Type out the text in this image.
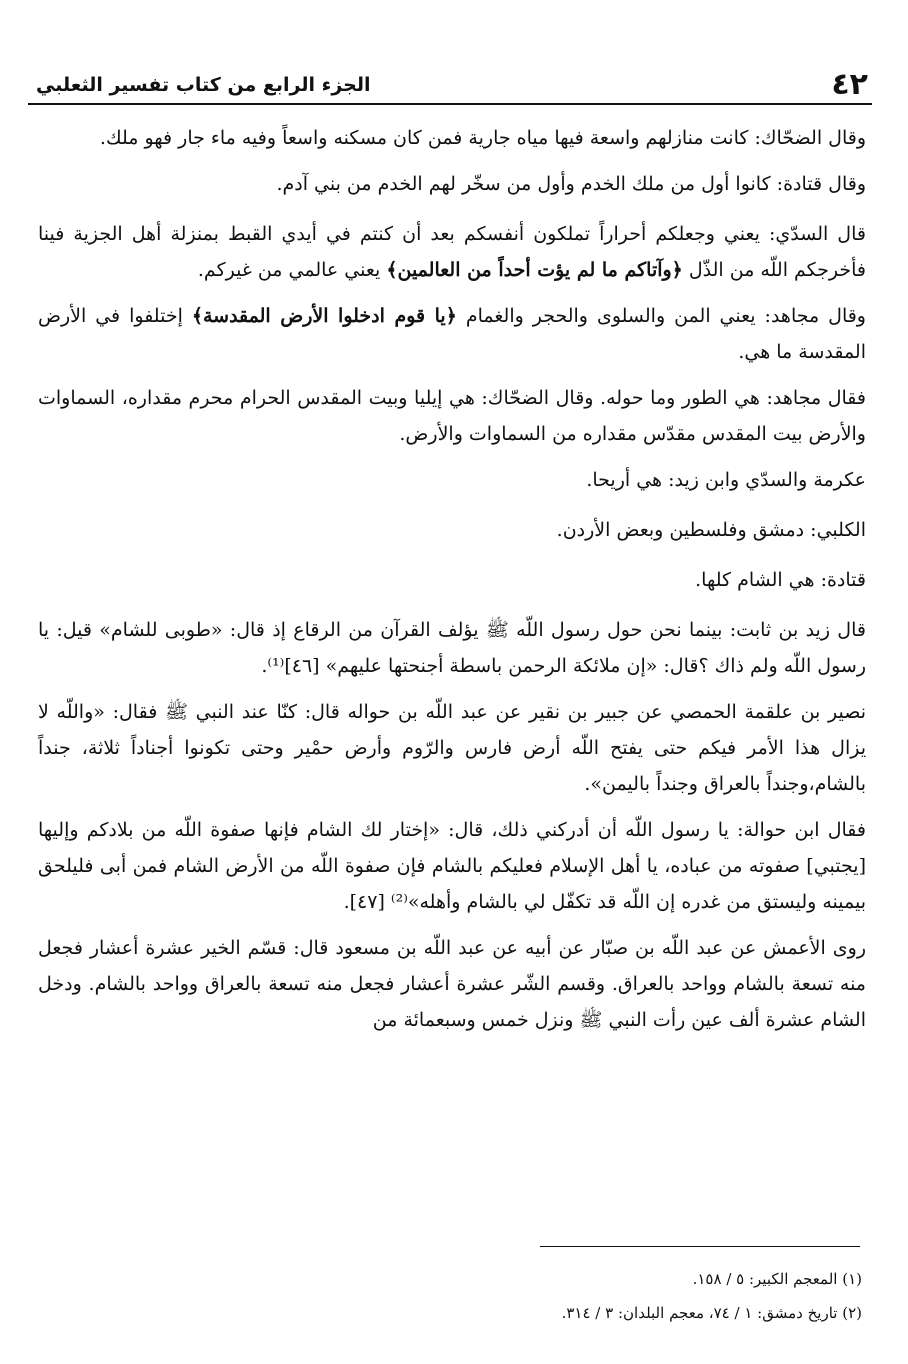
٤٢
الجزء الرابع من كتاب تفسير الثعلبي

وقال الضحّاك: كانت منازلهم واسعة فيها مياه جارية فمن كان مسكنه واسعاً وفيه ماء جار فهو ملك.

وقال قتادة: كانوا أول من ملك الخدم وأول من سخّر لهم الخدم من بني آدم.

قال السدّي: يعني وجعلكم أحراراً تملكون أنفسكم بعد أن كنتم في أيدي القبط بمنزلة أهل الجزية فينا فأخرجكم اللّه من الذّل ﴿وآتاكم ما لم يؤت أحداً من العالمين﴾ يعني عالمي من غيركم.

وقال مجاهد: يعني المن والسلوى والحجر والغمام ﴿يا قوم ادخلوا الأرض المقدسة﴾ إختلفوا في الأرض المقدسة ما هي.

فقال مجاهد: هي الطور وما حوله. وقال الضحّاك: هي إيليا وبيت المقدس الحرام محرم مقداره، السماوات والأرض بيت المقدس مقدّس مقداره من السماوات والأرض.

عكرمة والسدّي وابن زيد: هي أريحا.

الكلبي: دمشق وفلسطين وبعض الأردن.

قتادة: هي الشام كلها.

قال زيد بن ثابت: بينما نحن حول رسول اللّه ﷺ يؤلف القرآن من الرقاع إذ قال: «طوبى للشام» قيل: يا رسول اللّه ولم ذاك ؟قال: «إن ملائكة الرحمن باسطة أجنحتها عليهم» [٤٦]⁽¹⁾.

نصير بن علقمة الحمصي عن جبير بن نقير عن عبد اللّه بن حواله قال: كنّا عند النبي ﷺ فقال: «واللّه لا يزال هذا الأمر فيكم حتى يفتح اللّه أرض فارس والرّوم وأرض حمْير وحتى تكونوا أجناداً ثلاثة، جنداً بالشام،وجنداً بالعراق وجنداً باليمن».

فقال ابن حوالة: يا رسول اللّه أن أدركني ذلك، قال: «إختار لك الشام فإنها صفوة اللّه من بلادكم وإليها [يجتبي] صفوته من عباده، يا أهل الإسلام فعليكم بالشام فإن صفوة اللّه من الأرض الشام فمن أبى فليلحق بيمينه وليستق من غدره إن اللّه قد تكفّل لي بالشام وأهله»⁽²⁾ [٤٧].

روى الأعمش عن عبد اللّه بن صبّار عن أبيه عن عبد اللّه بن مسعود قال: قسّم الخير عشرة أعشار فجعل منه تسعة بالشام وواحد بالعراق. وقسم الشّر عشرة أعشار فجعل منه تسعة بالعراق وواحد بالشام. ودخل الشام عشرة ألف عين رأت النبي ﷺ ونزل خمس وسبعمائة من

(١) المعجم الكبير: ٥ / ١٥٨.
(٢) تاريخ دمشق: ١ / ٧٤، معجم البلدان: ٣ / ٣١٤.
